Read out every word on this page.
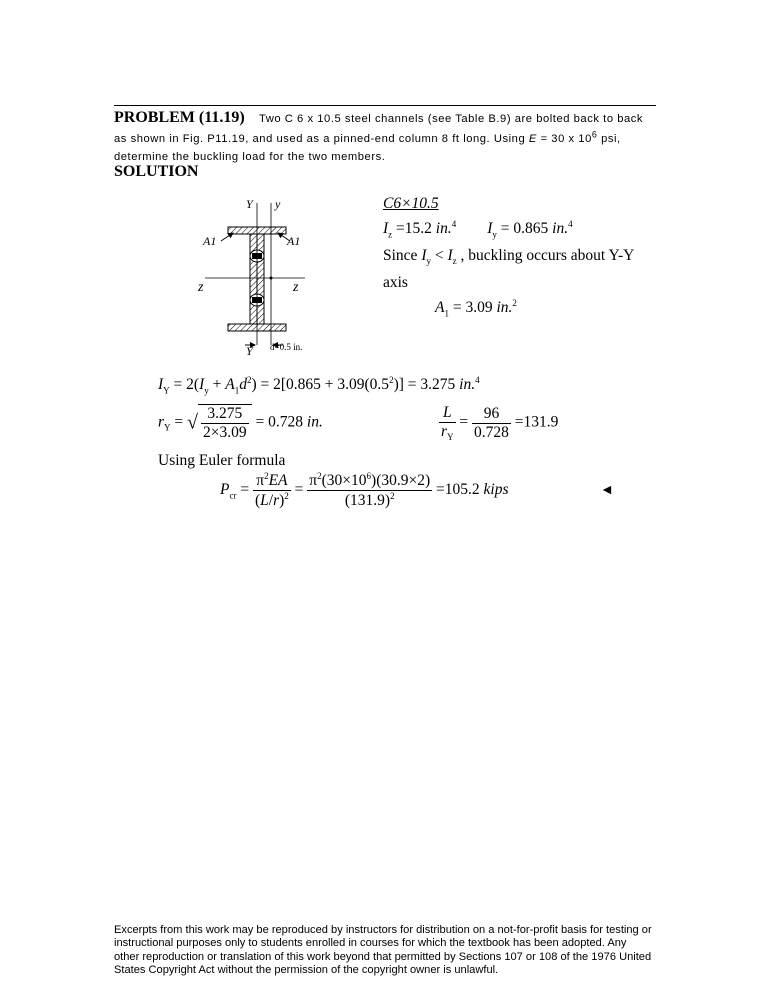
PROBLEM (11.19)    Two C 6 x 10.5 steel channels (see Table B.9) are bolted back to back as shown in Fig. P11.19, and used as a pinned-end column 8 ft long. Using E = 30 x $10^6$ psi, determine the buckling load for the two members.
SOLUTION
Y y
A1	A1
z	z
Y d=0.5 in.
C6×10.5
$I_z =15.2$ in.$^4$ $I_y = 0.865$ in.$^4$
Since $I_y < I_z$ , buckling occurs about Y-Y
axis
$A_1 = 3.09$ in.$^2$
$I_Y = 2(I_y + A_1d^2) = 2[0.865 + 3.09(0.5^2)] = 3.275$ in.$^4$
$r_Y$ = √ $\frac{3.275}{2\times 3.09} = 0.728$ in.	$\frac{L}{r_Y} = \frac{96}{0.728} =131.9$
Using Euler formula
$P_{cr} = \frac{\pi^2EA}{(L/r)^2} = \frac{\pi^2(30\times 10^6)(30.9\times 2)}{(131.9)^2} =105.2$ kips	◄
Excerpts from this work may be reproduced by instructors for distribution on a not-for-profit basis for testing or instructional purposes only to students enrolled in courses for which the textbook has been adopted. Any other reproduction or translation of this work beyond that permitted by Sections 107 or 108 of the 1976 United States Copyright Act without the permission of the copyright owner is unlawful.
